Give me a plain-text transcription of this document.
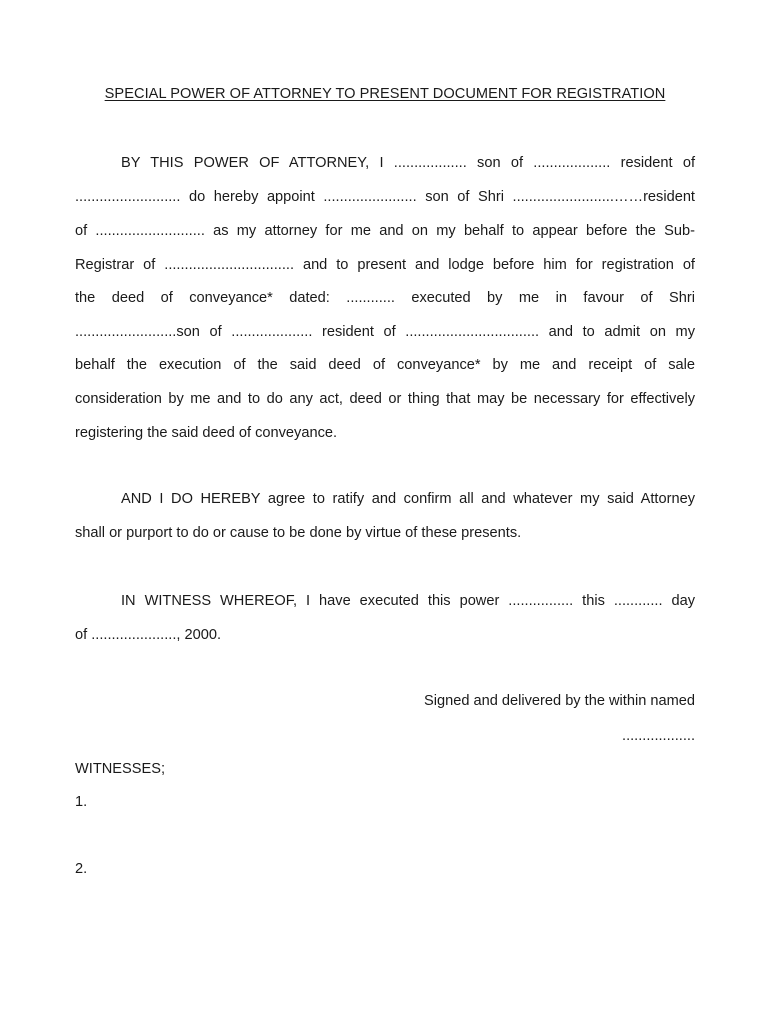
SPECIAL POWER OF ATTORNEY TO PRESENT DOCUMENT FOR REGISTRATION
BY THIS POWER OF ATTORNEY, I .................. son of ................... resident of
.......................... do hereby appoint ....................... son of Shri .........................……resident
of ........................... as my attorney for me and on my behalf to appear before the Sub-
Registrar of ................................ and to present and lodge before him for registration of
the deed of conveyance* dated: ............ executed by me in favour of Shri
.........................son of .................... resident of ................................. and to admit on my
behalf the execution of the said deed of conveyance* by me and receipt of sale
consideration by me and to do any act, deed or thing that may be necessary for effectively
registering the said deed of conveyance.
AND I DO HEREBY agree to ratify and confirm all and whatever my said Attorney
shall or purport to do or cause to be done by virtue of these presents.
IN WITNESS WHEREOF, I have executed this power ................ this ............ day
of ....................., 2000.
Signed and delivered by the within named
..................
WITNESSES;
1.
2.
